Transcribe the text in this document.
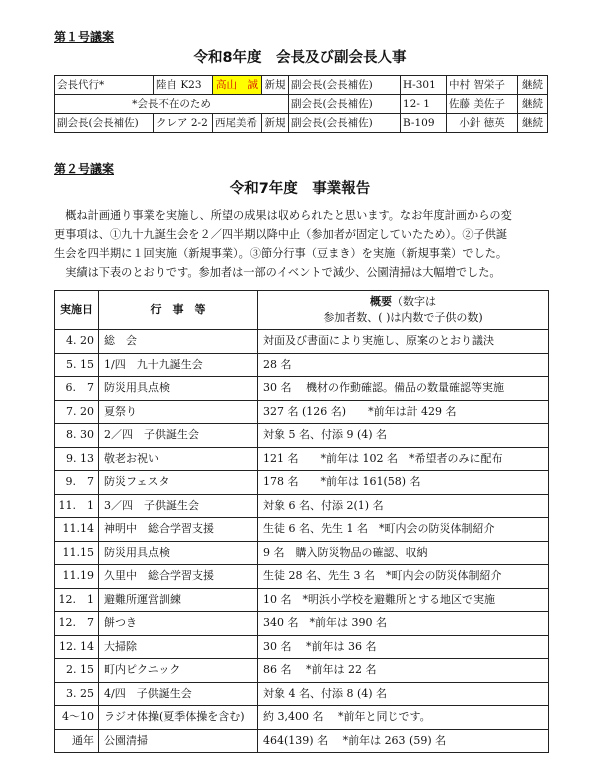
第１号議案
令和8年度　会長及び副会長人事
会長代行*	陸自 K23	高山　誠	新規	副会長(会長補佐)	H-301	中村 智栄子	継続
*会長不在のため				副会長(会長補佐)	12- 1	佐藤 美佐子	継続
副会長(会長補佐)	クレア 2-2	西尾美希	新規	副会長(会長補佐)	B-109	小針 徳英	継続
第２号議案
令和7年度　事業報告

　概ね計画通り事業を実施し、所望の成果は収められたと思います。なお年度計画からの変

更事項は、①九十九誕生会を２／四半期以降中止（参加者が固定していたため）。②子供誕

生会を四半期に１回実施（新規事業）。③節分行事（豆まき）を実施（新規事業）でした。

　実績は下表のとおりです。参加者は一部のイベントで減少、公園清掃は大幅増でした。

実施日	行　事　等	概要（数字は
参加者数、( )は内数で子供の数)
4. 20	総　会	対面及び書面により実施し、原案のとおり議決
5. 15	1/四　九十九誕生会	28 名
6.　7	防災用具点検	30 名　 機材の作動確認。備品の数量確認等実施
7. 20	夏祭り	327 名 (126 名)　　*前年は計 429 名
8. 30	2／四　子供誕生会	対象 5 名、付添 9 (4) 名
9. 13	敬老お祝い	121 名　　*前年は 102 名　*希望者のみに配布
9.　7	防災フェスタ	178 名　　*前年は 161(58) 名
11.　1	3／四　子供誕生会	対象 6 名、付添 2(1) 名
11.14	神明中　総合学習支援	生徒 6 名、先生 1 名　*町内会の防災体制紹介
11.15	防災用具点検	9 名　購入防災物品の確認、収納
11.19	久里中　総合学習支援	生徒 28 名、先生 3 名　*町内会の防災体制紹介
12.　1	避難所運営訓練	10 名　*明浜小学校を避難所とする地区で実施
12.　7	餅つき	340 名　*前年は 390 名
12. 14	大掃除	30 名　 *前年は 36 名
2. 15	町内ピクニック	86 名　 *前年は 22 名
3. 25	4/四　子供誕生会	対象 4 名、付添 8 (4) 名
4〜10	ラジオ体操(夏季体操を含む)	約 3,400 名　 *前年と同じです。
通年	公園清掃	464(139) 名　 *前年は 263 (59) 名
